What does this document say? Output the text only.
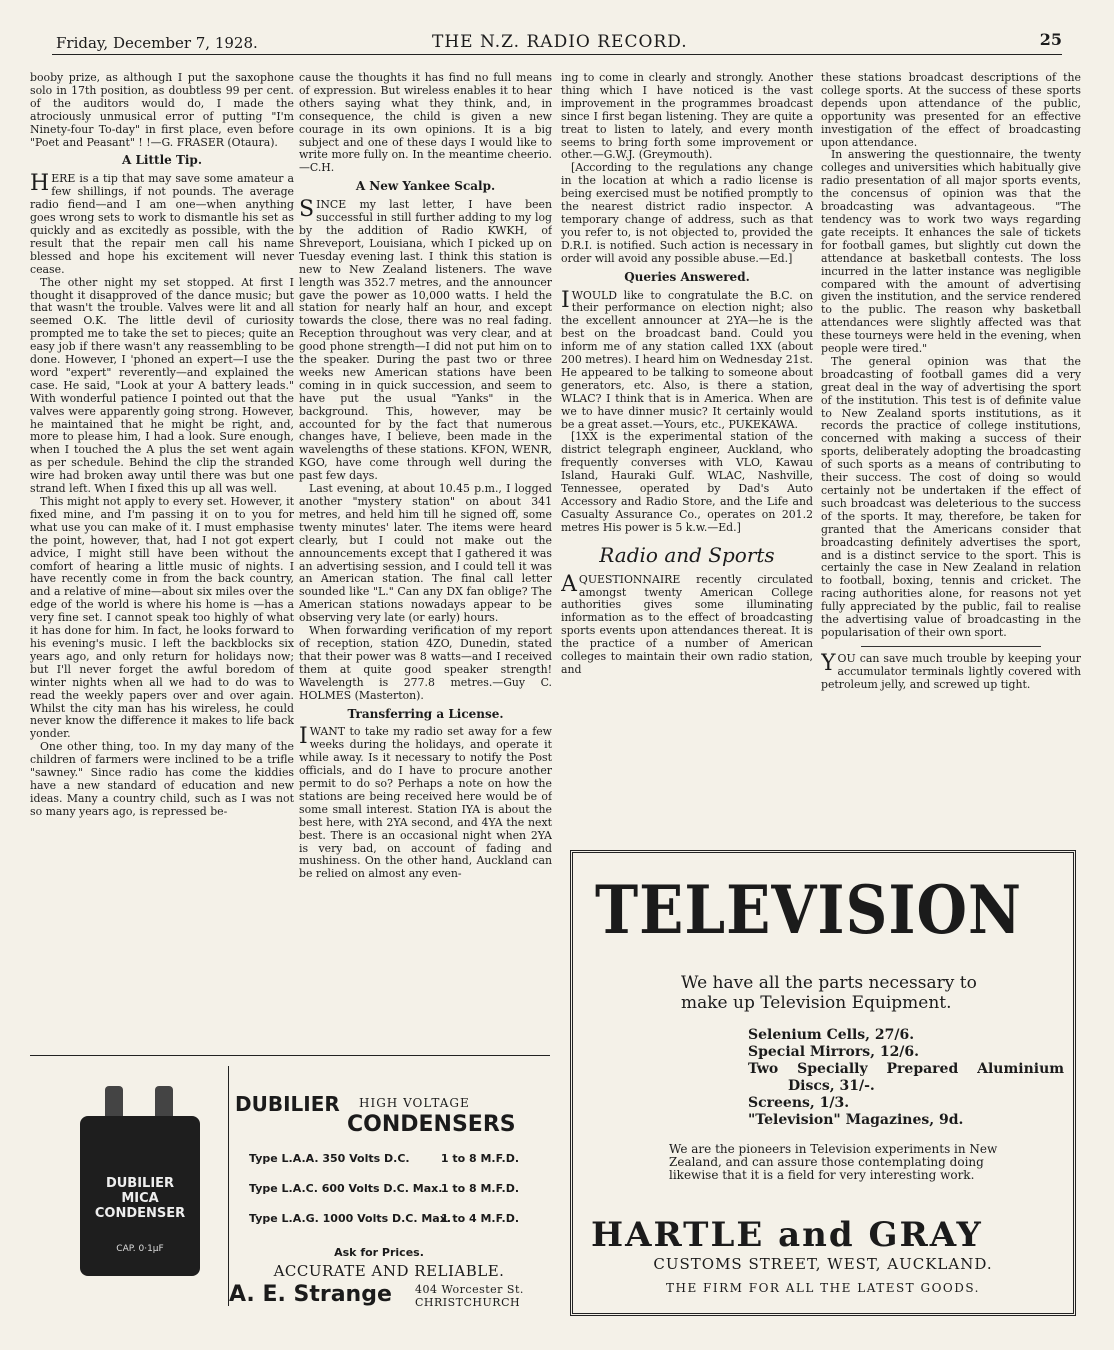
Friday, December 7, 1928.	THE N.Z. RADIO RECORD.	25

booby prize, as although I put the saxophone solo in 17th position, as doubtless 99 per cent. of the auditors would do, I made the atrociously unmusical error of putting "I'm Ninety-four To-day" in first place, even before "Poet and Peasant" ! !—G. FRASER (Otaura).

A Little Tip.

HERE is a tip that may save some amateur a few shillings, if not pounds. The average radio fiend—and I am one—when anything goes wrong sets to work to dismantle his set as quickly and as excitedly as possible, with the result that the repair men call his name blessed and hope his excitement will never cease.

The other night my set stopped. At first I thought it disapproved of the dance music; but that wasn't the trouble. Valves were lit and all seemed O.K. The little devil of curiosity prompted me to take the set to pieces; quite an easy job if there wasn't any reassembling to be done. However, I 'phoned an expert—I use the word "expert" reverently—and explained the case. He said, "Look at your A battery leads." With wonderful patience I pointed out that the valves were apparently going strong. However, he maintained that he might be right, and, more to please him, I had a look. Sure enough, when I touched the A plus the set went again as per schedule. Behind the clip the stranded wire had broken away until there was but one strand left. When I fixed this up all was well.

This might not apply to every set. However, it fixed mine, and I'm passing it on to you for what use you can make of it. I must emphasise the point, however, that, had I not got expert advice, I might still have been without the comfort of hearing a little music of nights. I have recently come in from the back country, and a relative of mine—about six miles over the edge of the world is where his home is —has a very fine set. I cannot speak too highly of what it has done for him. In fact, he looks forward to his evening's music. I left the backblocks six years ago, and only return for holidays now; but I'll never forget the awful boredom of winter nights when all we had to do was to read the weekly papers over and over again. Whilst the city man has his wireless, he could never know the difference it makes to life back yonder.

One other thing, too. In my day many of the children of farmers were inclined to be a trifle "sawney." Since radio has come the kiddies have a new standard of education and new ideas. Many a country child, such as I was not so many years ago, is repressed be-

cause the thoughts it has find no full means of expression. But wireless enables it to hear others saying what they think, and, in consequence, the child is given a new courage in its own opinions. It is a big subject and one of these days I would like to write more fully on. In the meantime cheerio.—C.H.

A New Yankee Scalp.

SINCE my last letter, I have been successful in still further adding to my log by the addition of Radio KWKH, of Shreveport, Louisiana, which I picked up on Tuesday evening last. I think this station is new to New Zealand listeners. The wave length was 352.7 metres, and the announcer gave the power as 10,000 watts. I held the station for nearly half an hour, and except towards the close, there was no real fading. Reception throughout was very clear, and at good phone strength—I did not put him on to the speaker. During the past two or three weeks new American stations have been coming in in quick succession, and seem to have put the usual "Yanks" in the background. This, however, may be accounted for by the fact that numerous changes have, I believe, been made in the wavelengths of these stations. KFON, WENR, KGO, have come through well during the past few days.

Last evening, at about 10.45 p.m., I logged another "mystery station" on about 341 metres, and held him till he signed off, some twenty minutes' later. The items were heard clearly, but I could not make out the announcements except that I gathered it was an advertising session, and I could tell it was an American station. The final call letter sounded like "L." Can any DX fan oblige? The American stations nowadays appear to be observing very late (or early) hours.

When forwarding verification of my report of reception, station 4ZO, Dunedin, stated that their power was 8 watts—and I received them at quite good speaker strength! Wavelength is 277.8 metres.—Guy C. HOLMES (Masterton).

Transferring a License.

IWANT to take my radio set away for a few weeks during the holidays, and operate it while away. Is it necessary to notify the Post officials, and do I have to procure another permit to do so? Perhaps a note on how the stations are being received here would be of some small interest. Station IYA is about the best here, with 2YA second, and 4YA the next best. There is an occasional night when 2YA is very bad, on account of fading and mushiness. On the other hand, Auckland can be relied on almost any even-

ing to come in clearly and strongly. Another thing which I have noticed is the vast improvement in the programmes broadcast since I first began listening. They are quite a treat to listen to lately, and every month seems to bring forth some improvement or other.—G.W.J. (Greymouth).

[According to the regulations any change in the location at which a radio license is being exercised must be notified promptly to the nearest district radio inspector. A temporary change of address, such as that you refer to, is not objected to, provided the D.R.I. is notified. Such action is necessary in order will avoid any possible abuse.—Ed.]

Queries Answered.

IWOULD like to congratulate the B.C. on their performance on election night; also the excellent announcer at 2YA—he is the best on the broadcast band. Could you inform me of any station called 1XX (about 200 metres). I heard him on Wednesday 21st. He appeared to be talking to someone about generators, etc. Also, is there a station, WLAC? I think that is in America. When are we to have dinner music? It certainly would be a great asset.—Yours, etc., PUKEKAWA.

[1XX is the experimental station of the district telegraph engineer, Auckland, who frequently converses with VLO, Kawau Island, Hauraki Gulf. WLAC, Nashville, Tennessee, operated by Dad's Auto Accessory and Radio Store, and the Life and Casualty Assurance Co., operates on 201.2 metres His power is 5 k.w.—Ed.]

Radio and Sports

AQUESTIONNAIRE recently circulated amongst twenty American College authorities gives some illuminating information as to the effect of broadcasting sports events upon attendances thereat. It is the practice of a number of American colleges to maintain their own radio station, and

these stations broadcast descriptions of the college sports. At the success of these sports depends upon attendance of the public, opportunity was presented for an effective investigation of the effect of broadcasting upon attendance.

In answering the questionnaire, the twenty colleges and universities which habitually give radio presentation of all major sports events, the concensus of opinion was that the broadcasting was advantageous. "The tendency was to work two ways regarding gate receipts. It enhances the sale of tickets for football games, but slightly cut down the attendance at basketball contests. The loss incurred in the latter instance was negligible compared with the amount of advertising given the institution, and the service rendered to the public. The reason why basketball attendances were slightly affected was that these tourneys were held in the evening, when people were tired."

The general opinion was that the broadcasting of football games did a very great deal in the way of advertising the sport of the institution. This test is of definite value to New Zealand sports institutions, as it records the practice of college institutions, concerned with making a success of their sports, deliberately adopting the broadcasting of such sports as a means of contributing to their success. The cost of doing so would certainly not be undertaken if the effect of such broadcast was deleterious to the success of the sports. It may, therefore, be taken for granted that the Americans consider that broadcasting definitely advertises the sport, and is a distinct service to the sport. This is certainly the case in New Zealand in relation to football, boxing, tennis and cricket. The racing authorities alone, for reasons not yet fully appreciated by the public, fail to realise the advertising value of broadcasting in the popularisation of their own sport.

YOU can save much trouble by keeping your accumulator terminals lightly covered with petroleum jelly, and screwed up tight.

DUBILIER
MICA
CONDENSER
CAP. 0·1μF
DUBILIER HIGH VOLTAGE
CONDENSERS
Type L.A.A. 350 Volts D.C.	1 to 8 M.F.D.
Type L.A.C. 600 Volts D.C. Max.
1 to 8 M.F.D.
Type L.A.G. 1000 Volts D.C. Max.
1 to 4 M.F.D.
Ask for Prices.
ACCURATE AND RELIABLE.
A. E. Strange 404 Worcester St.
CHRISTCHURCH
TELEVISION
We have all the parts necessary to
make up Television Equipment.
Selenium Cells, 27/6.
Special Mirrors, 12/6.
Two Specially Prepared Aluminium
Discs, 31/-.
Screens, 1/3.
"Television" Magazines, 9d.
We are the pioneers in Television experiments in New Zealand, and can assure those contemplating doing likewise that it is a field for very interesting work.
HARTLE and GRAY
CUSTOMS STREET, WEST, AUCKLAND.
THE FIRM FOR ALL THE LATEST GOODS.
